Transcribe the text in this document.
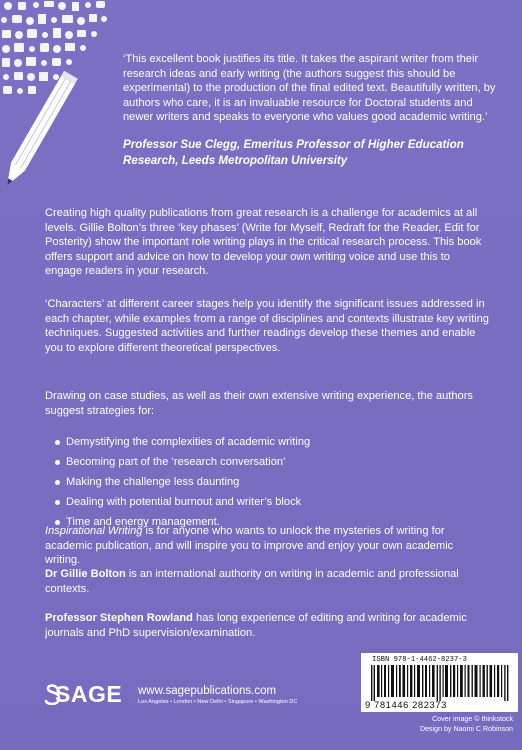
‘This excellent book justifies its title. It takes the aspirant writer from their research ideas and early writing (the authors suggest this should be experimental) to the production of the final edited text. Beautifully written, by authors who care, it is an invaluable resource for Doctoral students and newer writers and speaks to everyone who values good academic writing.’
Professor Sue Clegg, Emeritus Professor of Higher Education Research, Leeds Metropolitan University

Creating high quality publications from great research is a challenge for academics at all levels. Gillie Bolton’s three ‘key phases’ (Write for Myself, Redraft for the Reader, Edit for Posterity) show the important role writing plays in the critical research process. This book offers support and advice on how to develop your own writing voice and use this to engage readers in your research.

‘Characters’ at different career stages help you identify the significant issues addressed in each chapter, while examples from a range of disciplines and contexts illustrate key writing techniques. Suggested activities and further readings develop these themes and enable you to explore different theoretical perspectives.

Drawing on case studies, as well as their own extensive writing experience, the authors suggest strategies for:

Demystifying the complexities of academic writing
Becoming part of the ‘research conversation’
Making the challenge less daunting
Dealing with potential burnout and writer’s block
Time and energy management.

Inspirational Writing is for anyone who wants to unlock the mysteries of writing for academic publication, and will inspire you to improve and enjoy your own academic writing.

Dr Gillie Bolton is an international authority on writing in academic and professional contexts.

Professor Stephen Rowland has long experience of editing and writing for academic journals and PhD supervision/examination.

SAGE www.sagepublications.com
Los Angeles • London • New Delhi • Singapore • Washington DC
ISBN 978-1-4462-8237-3
9 781446 282373
Cover image © thinkstock
Design by Naomi C Robinson
